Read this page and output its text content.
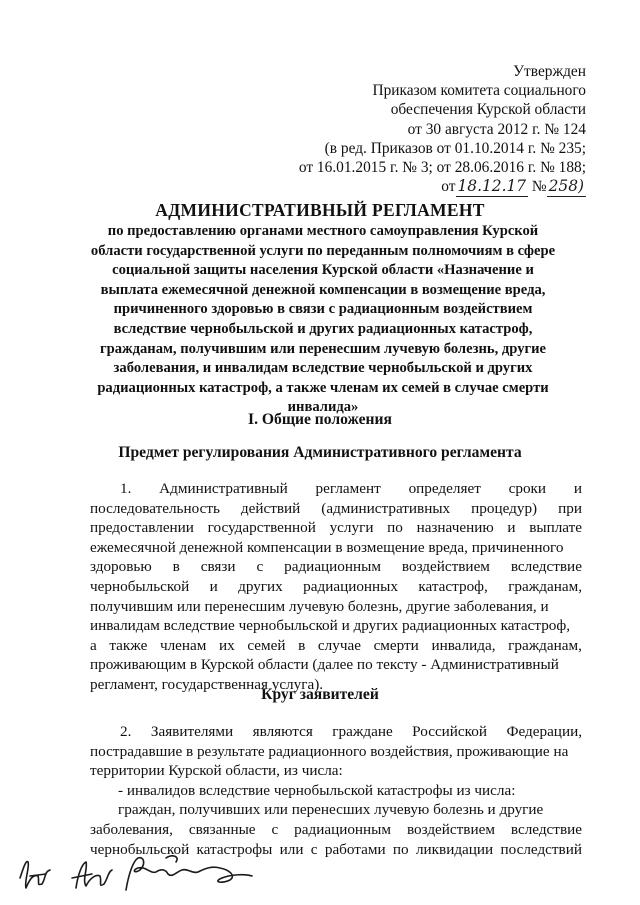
Утвержден
Приказом комитета социального
обеспечения Курской области
от 30 августа 2012 г. № 124
(в ред. Приказов от 01.10.2014 г. № 235;
от 16.01.2015 г. № 3; от 28.06.2016 г. № 188;
от 18.12.17 № 258)
АДМИНИСТРАТИВНЫЙ РЕГЛАМЕНТ
по предоставлению органами местного самоуправления Курской
области государственной услуги по переданным полномочиям в сфере
социальной защиты населения Курской области «Назначение и
выплата ежемесячной денежной компенсации в возмещение вреда,
причиненного здоровью в связи с радиационным воздействием
вследствие чернобыльской и других радиационных катастроф,
гражданам, получившим или перенесшим лучевую болезнь, другие
заболевания, и инвалидам вследствие чернобыльской и других
радиационных катастроф, а также членам их семей в случае смерти
инвалида»
I. Общие положения
Предмет регулирования Административного регламента
1. Административный регламент определяет сроки и
последовательность действий (административных процедур) при
предоставлении государственной услуги по назначению и выплате
ежемесячной денежной компенсации в возмещение вреда, причиненного
здоровью в связи с радиационным воздействием вследствие
чернобыльской и других радиационных катастроф, гражданам,
получившим или перенесшим лучевую болезнь, другие заболевания, и
инвалидам вследствие чернобыльской и других радиационных катастроф,
а также членам их семей в случае смерти инвалида, гражданам,
проживающим в Курской области (далее по тексту - Административный
регламент, государственная услуга).
Круг заявителей
2. Заявителями являются граждане Российской Федерации,
пострадавшие в результате радиационного воздействия, проживающие на
территории Курской области, из числа:
- инвалидов вследствие чернобыльской катастрофы из числа:
граждан, получивших или перенесших лучевую болезнь и другие
заболевания, связанные с радиационным воздействием вследствие
чернобыльской катастрофы или с работами по ликвидации последствий
